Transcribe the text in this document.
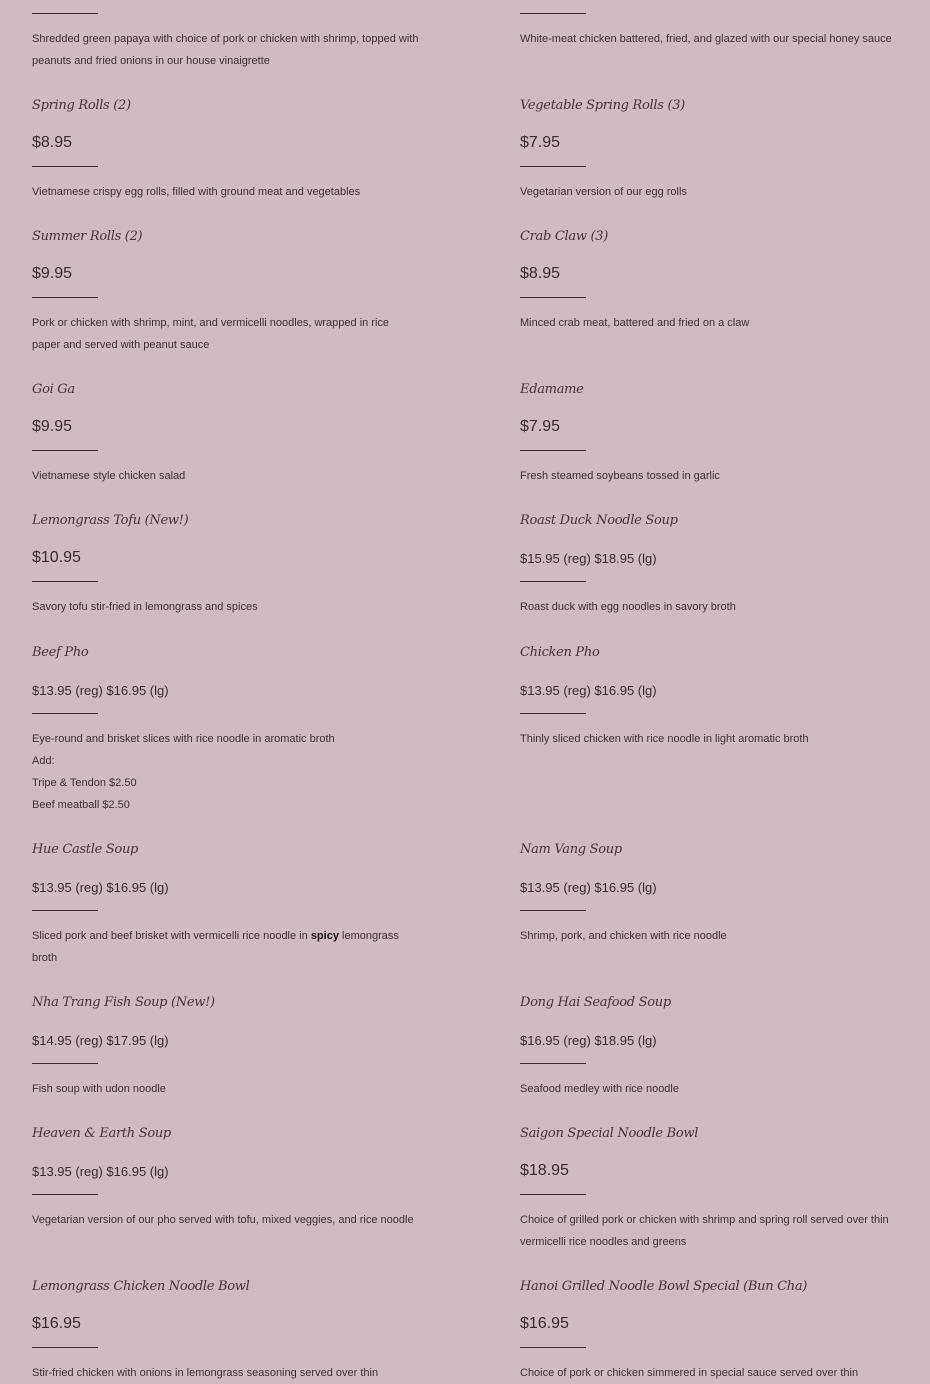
Shredded green papaya with choice of pork or chicken with shrimp, topped with peanuts and fried onions in our house vinaigrette
Spring Rolls (2)
$8.95
Vietnamese crispy egg rolls, filled with ground meat and vegetables
Summer Rolls (2)
$9.95
Pork or chicken with shrimp, mint, and vermicelli noodles, wrapped in rice paper and served with peanut sauce
Goi Ga
$9.95
Vietnamese style chicken salad
Lemongrass Tofu (New!)
$10.95
Savory tofu stir-fried in lemongrass and spices
Beef Pho
$13.95 (reg) $16.95 (lg)
Eye-round and brisket slices with rice noodle in aromatic broth
Add:
Tripe & Tendon $2.50
Beef meatball $2.50
Hue Castle Soup
$13.95 (reg) $16.95 (lg)
Sliced pork and beef brisket with vermicelli rice noodle in spicy lemongrass broth
Nha Trang Fish Soup (New!)
$14.95 (reg) $17.95 (lg)
Fish soup with udon noodle
Heaven & Earth Soup
$13.95 (reg) $16.95 (lg)
Vegetarian version of our pho served with tofu, mixed veggies, and rice noodle
Lemongrass Chicken Noodle Bowl
$16.95
Stir-fried chicken with onions in lemongrass seasoning served over thin
White-meat chicken battered, fried, and glazed with our special honey sauce
Vegetable Spring Rolls (3)
$7.95
Vegetarian version of our egg rolls
Crab Claw (3)
$8.95
Minced crab meat, battered and fried on a claw
Edamame
$7.95
Fresh steamed soybeans tossed in garlic
Roast Duck Noodle Soup
$15.95 (reg) $18.95 (lg)
Roast duck with egg noodles in savory broth
Chicken Pho
$13.95 (reg) $16.95 (lg)
Thinly sliced chicken with rice noodle in light aromatic broth
Nam Vang Soup
$13.95 (reg) $16.95 (lg)
Shrimp, pork, and chicken with rice noodle
Dong Hai Seafood Soup
$16.95 (reg) $18.95 (lg)
Seafood medley with rice noodle
Saigon Special Noodle Bowl
$18.95
Choice of grilled pork or chicken with shrimp and spring roll served over thin vermicelli rice noodles and greens
Hanoi Grilled Noodle Bowl Special (Bun Cha)
$16.95
Choice of pork or chicken simmered in special sauce served over thin
